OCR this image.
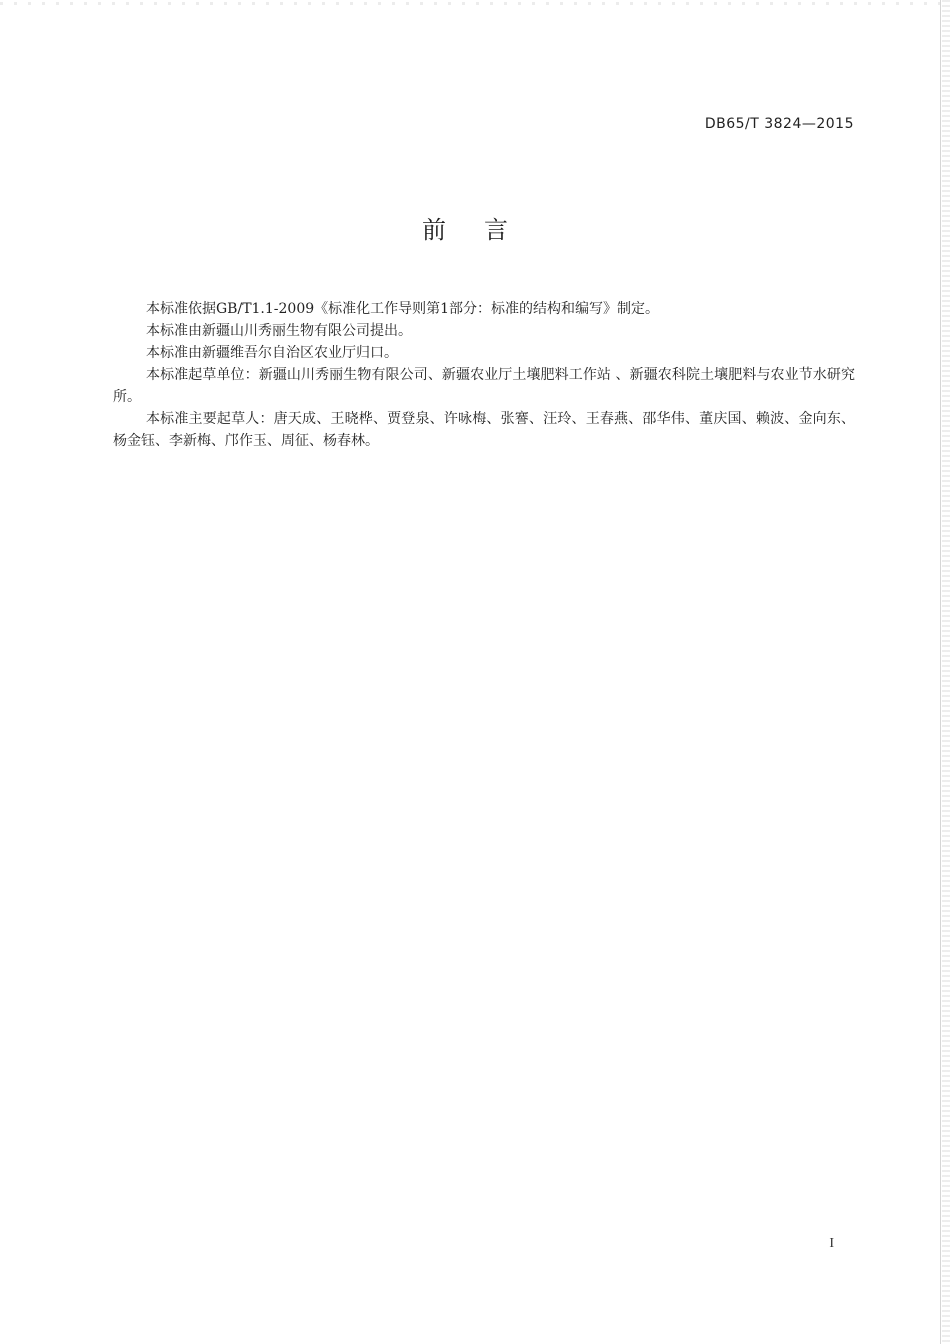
DB65/T 3824—2015
前言

本标准依据GB/T1.1-2009《标准化工作导则第1部分：标准的结构和编写》制定。

本标准由新疆山川秀丽生物有限公司提出。

本标准由新疆维吾尔自治区农业厅归口。

本标准起草单位：新疆山川秀丽生物有限公司、新疆农业厅土壤肥料工作站 、新疆农科院土壤肥料与农业节水研究所。

本标准主要起草人：唐天成、王晓桦、贾登泉、许咏梅、张謇、汪玲、王春燕、邵华伟、董庆国、赖波、金向东、杨金钰、李新梅、邝作玉、周征、杨春林。

I
